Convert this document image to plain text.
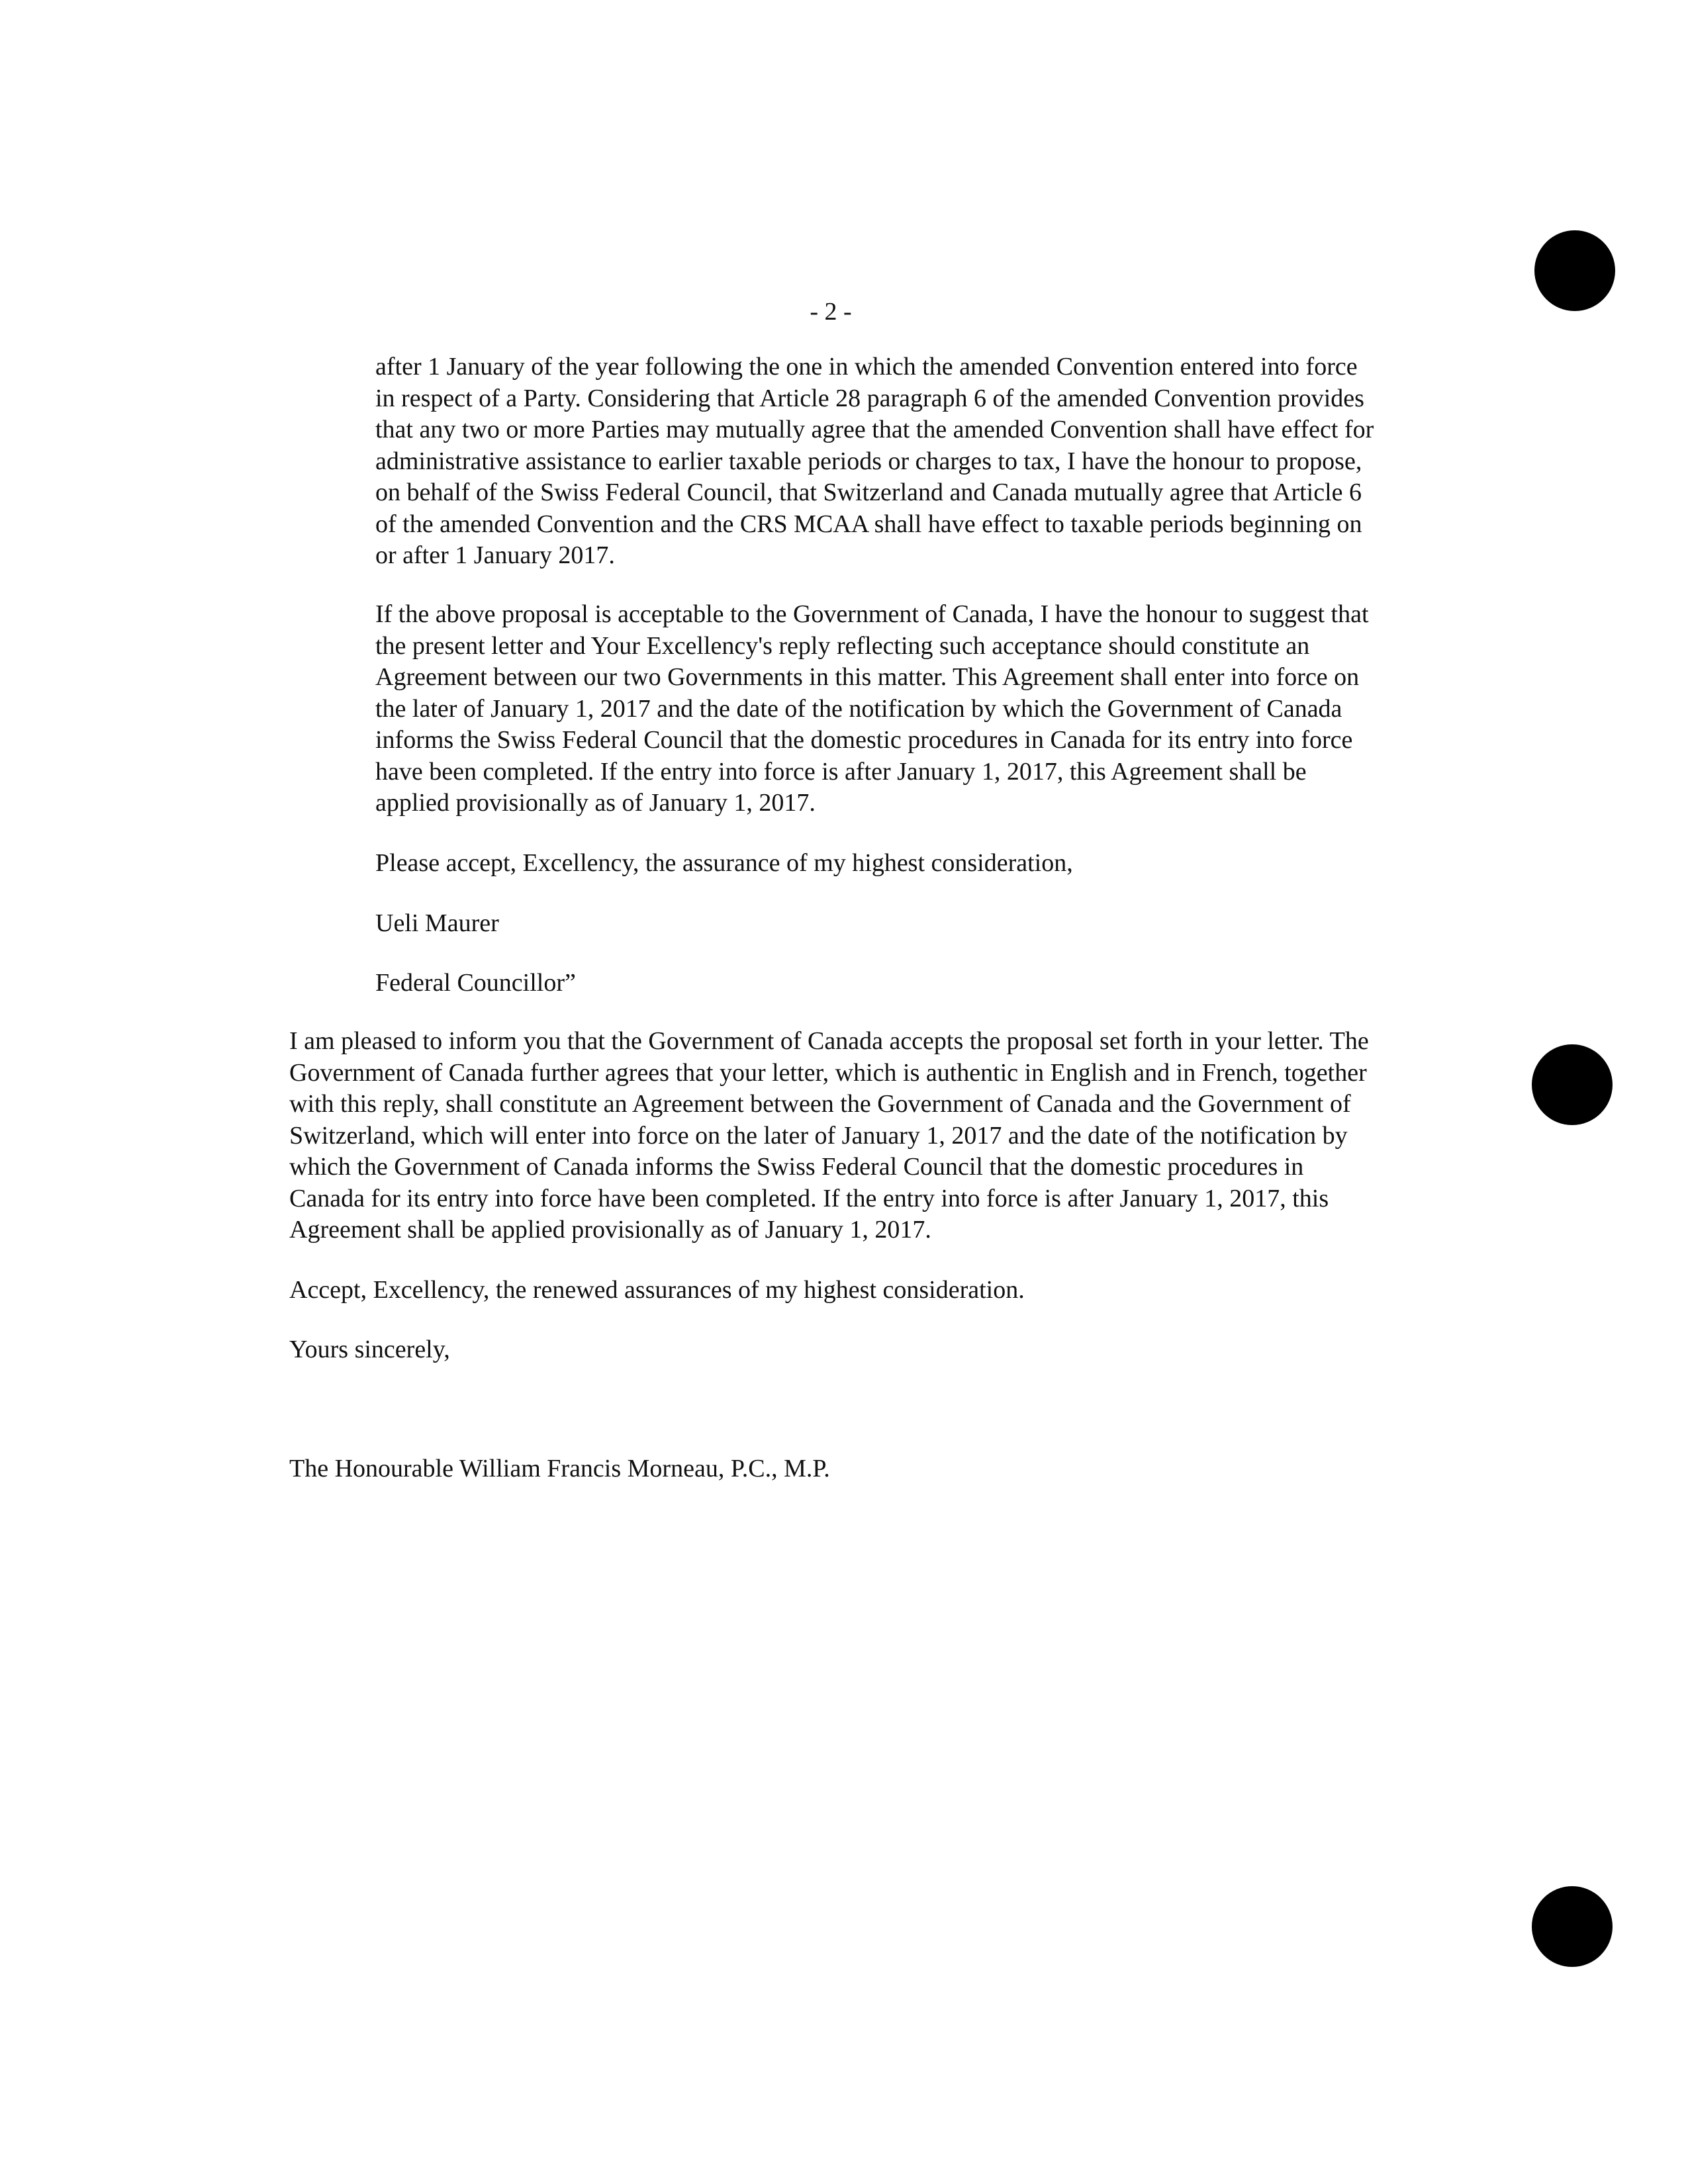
- 2 -

after 1 January of the year following the one in which the amended Convention entered into force in respect of a Party. Considering that Article 28 paragraph 6 of the amended Convention provides that any two or more Parties may mutually agree that the amended Convention shall have effect for administrative assistance to earlier taxable periods or charges to tax, I have the honour to propose, on behalf of the Swiss Federal Council, that Switzerland and Canada mutually agree that Article 6 of the amended Convention and the CRS MCAA shall have effect to taxable periods beginning on or after 1 January 2017.

If the above proposal is acceptable to the Government of Canada, I have the honour to suggest that the present letter and Your Excellency's reply reflecting such acceptance should constitute an Agreement between our two Governments in this matter. This Agreement shall enter into force on the later of January 1, 2017 and the date of the notification by which the Government of Canada informs the Swiss Federal Council that the domestic procedures in Canada for its entry into force have been completed. If the entry into force is after January 1, 2017, this Agreement shall be applied provisionally as of January 1, 2017.

Please accept, Excellency, the assurance of my highest consideration,

Ueli Maurer

Federal Councillor”

I am pleased to inform you that the Government of Canada accepts the proposal set forth in your letter. The Government of Canada further agrees that your letter, which is authentic in English and in French, together with this reply, shall constitute an Agreement between the Government of Canada and the Government of Switzerland, which will enter into force on the later of January 1, 2017 and the date of the notification by which the Government of Canada informs the Swiss Federal Council that the domestic procedures in Canada for its entry into force have been completed. If the entry into force is after January 1, 2017, this Agreement shall be applied provisionally as of January 1, 2017.

Accept, Excellency, the renewed assurances of my highest consideration.

Yours sincerely,

The Honourable William Francis Morneau, P.C., M.P.
